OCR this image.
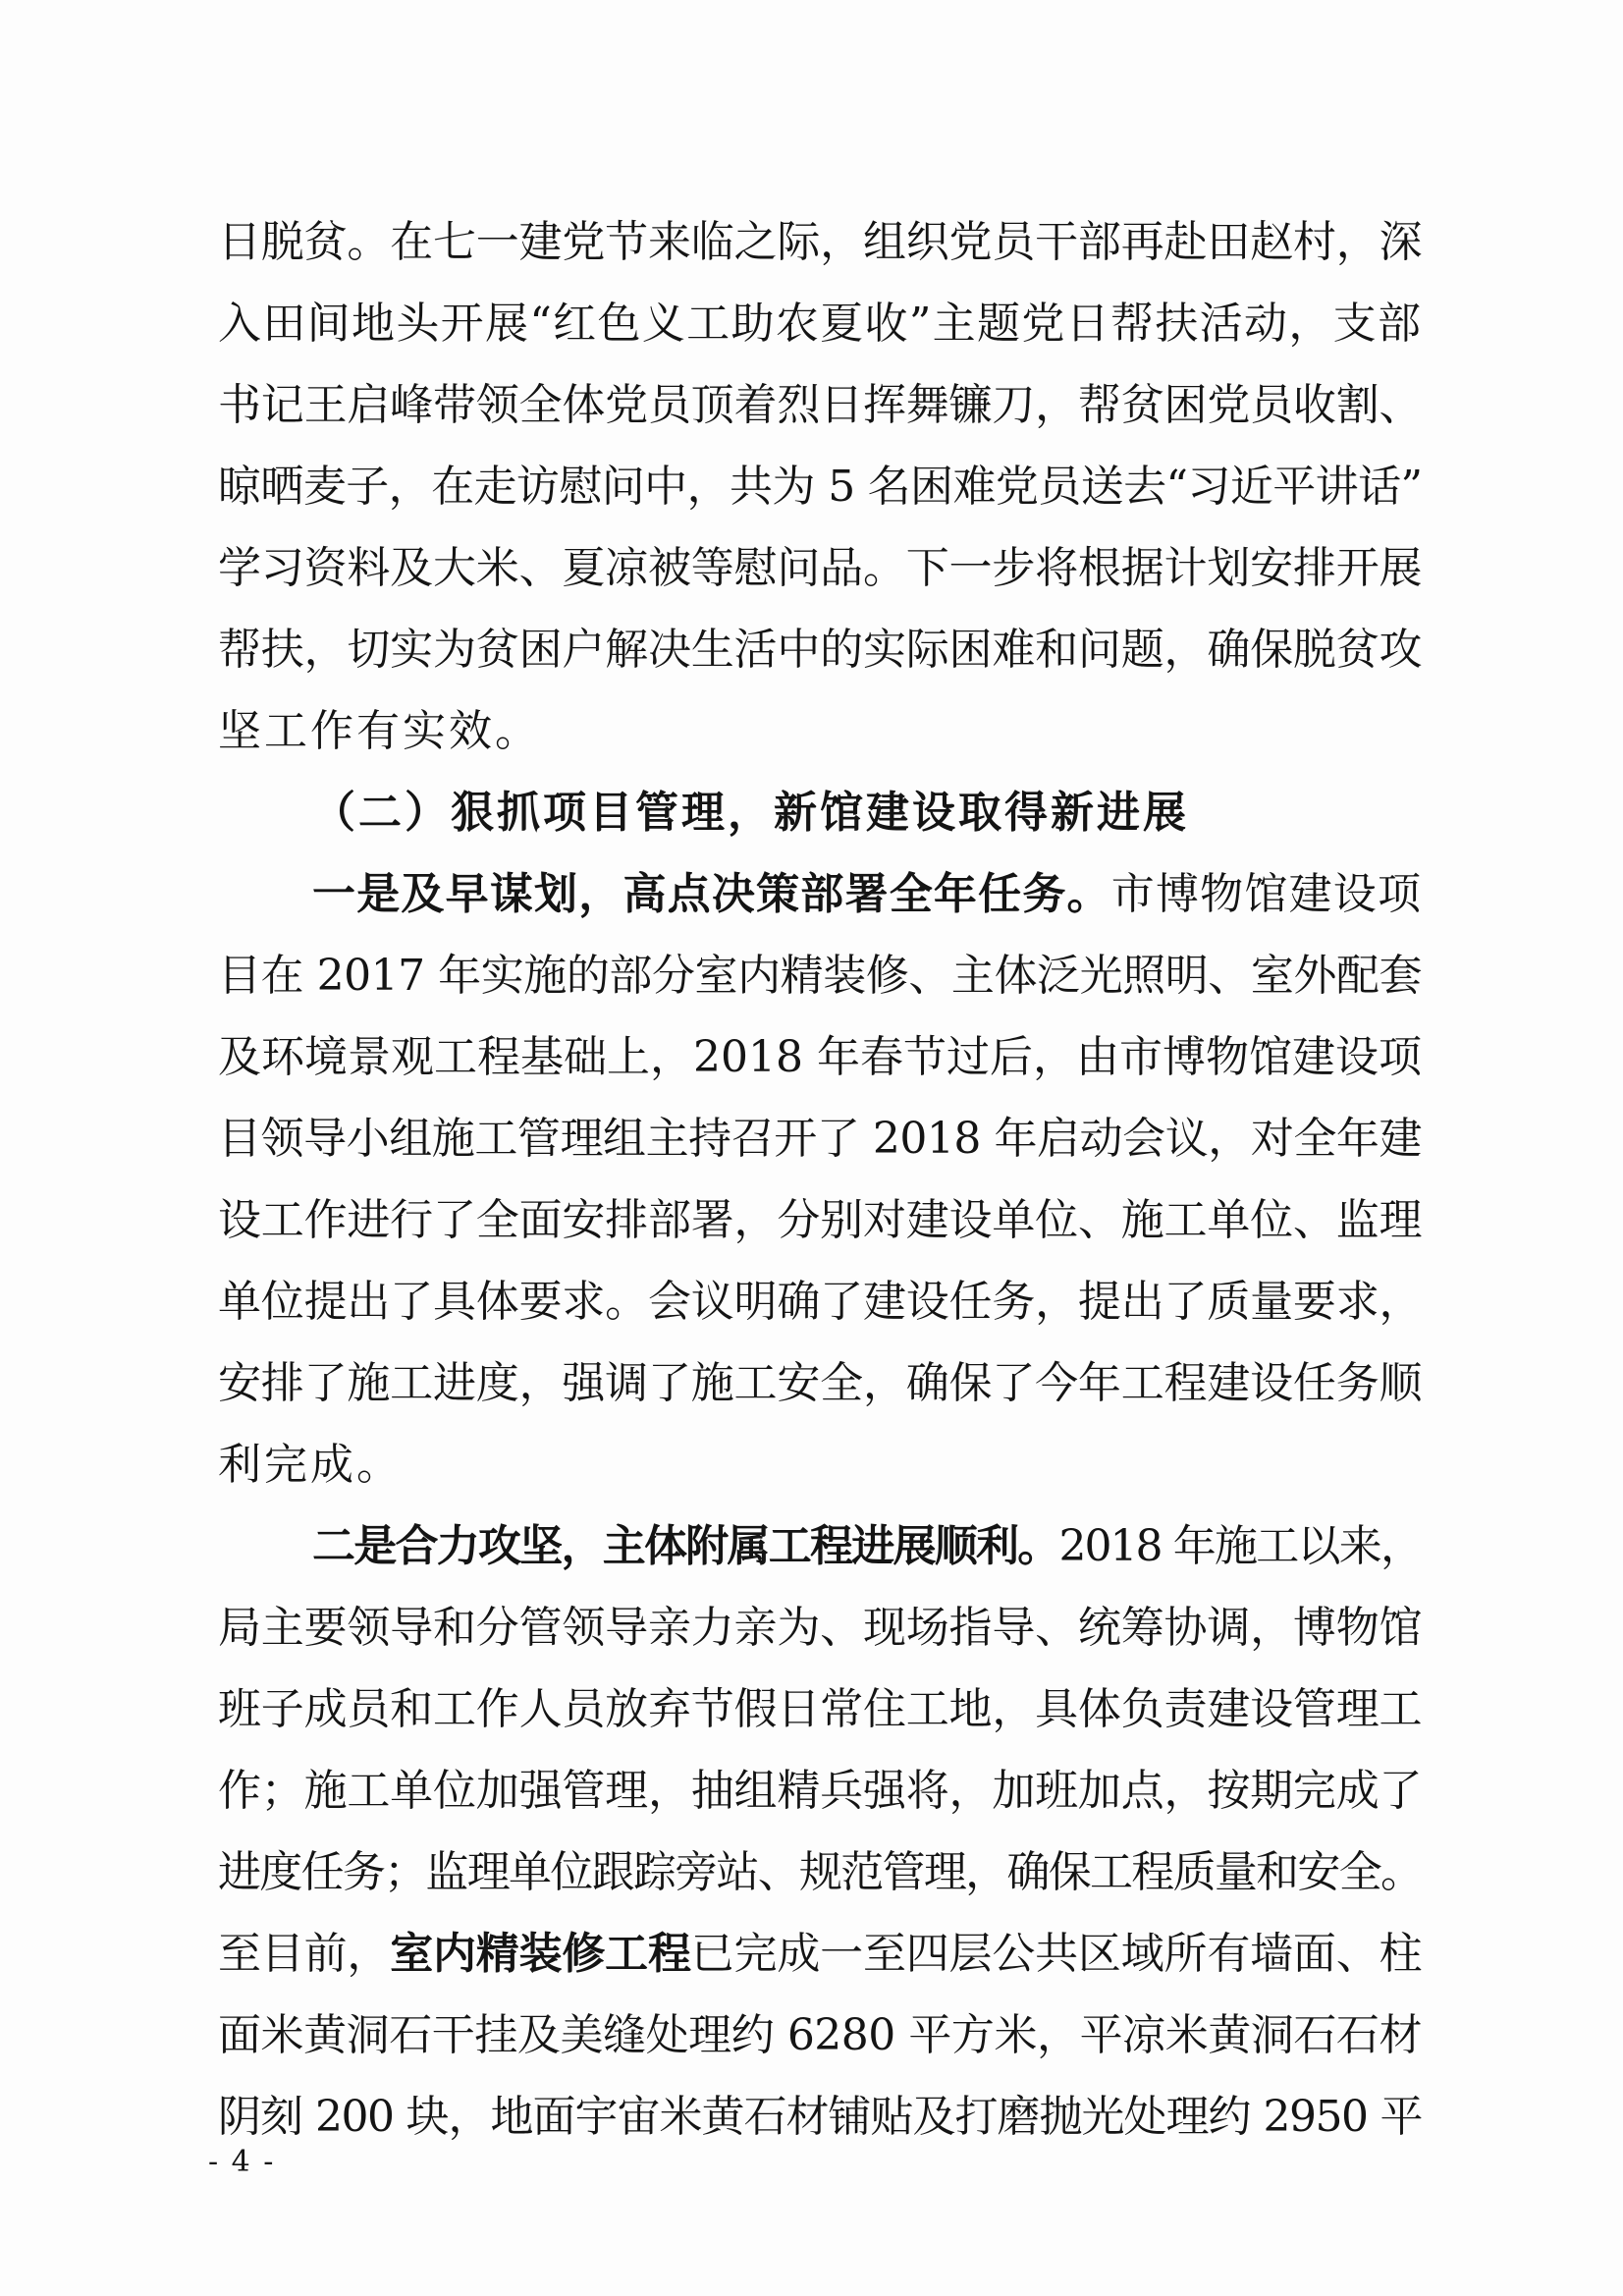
日脱贫。在七一建党节来临之际，组织党员干部再赴田赵村，深
入田间地头开展“红色义工助农夏收”主题党日帮扶活动，支部
书记王启峰带领全体党员顶着烈日挥舞镰刀，帮贫困党员收割、
晾晒麦子，在走访慰问中，共为 5 名困难党员送去“习近平讲话”
学习资料及大米、夏凉被等慰问品。下一步将根据计划安排开展
帮扶，切实为贫困户解决生活中的实际困难和问题，确保脱贫攻
坚工作有实效。
（二）狠抓项目管理，新馆建设取得新进展
一是及早谋划，高点决策部署全年任务。市博物馆建设项
目在 2017 年实施的部分室内精装修、主体泛光照明、室外配套
及环境景观工程基础上，2018 年春节过后，由市博物馆建设项
目领导小组施工管理组主持召开了 2018 年启动会议，对全年建
设工作进行了全面安排部署，分别对建设单位、施工单位、监理
单位提出了具体要求。会议明确了建设任务，提出了质量要求，
安排了施工进度，强调了施工安全，确保了今年工程建设任务顺
利完成。
二是合力攻坚，主体附属工程进展顺利。2018 年施工以来，
局主要领导和分管领导亲力亲为、现场指导、统筹协调，博物馆
班子成员和工作人员放弃节假日常住工地，具体负责建设管理工
作；施工单位加强管理，抽组精兵强将，加班加点，按期完成了
进度任务；监理单位跟踪旁站、规范管理，确保工程质量和安全。
至目前，室内精装修工程已完成一至四层公共区域所有墙面、柱
面米黄洞石干挂及美缝处理约 6280 平方米，平凉米黄洞石石材
阴刻 200 块，地面宇宙米黄石材铺贴及打磨抛光处理约 2950 平
- 4 -
